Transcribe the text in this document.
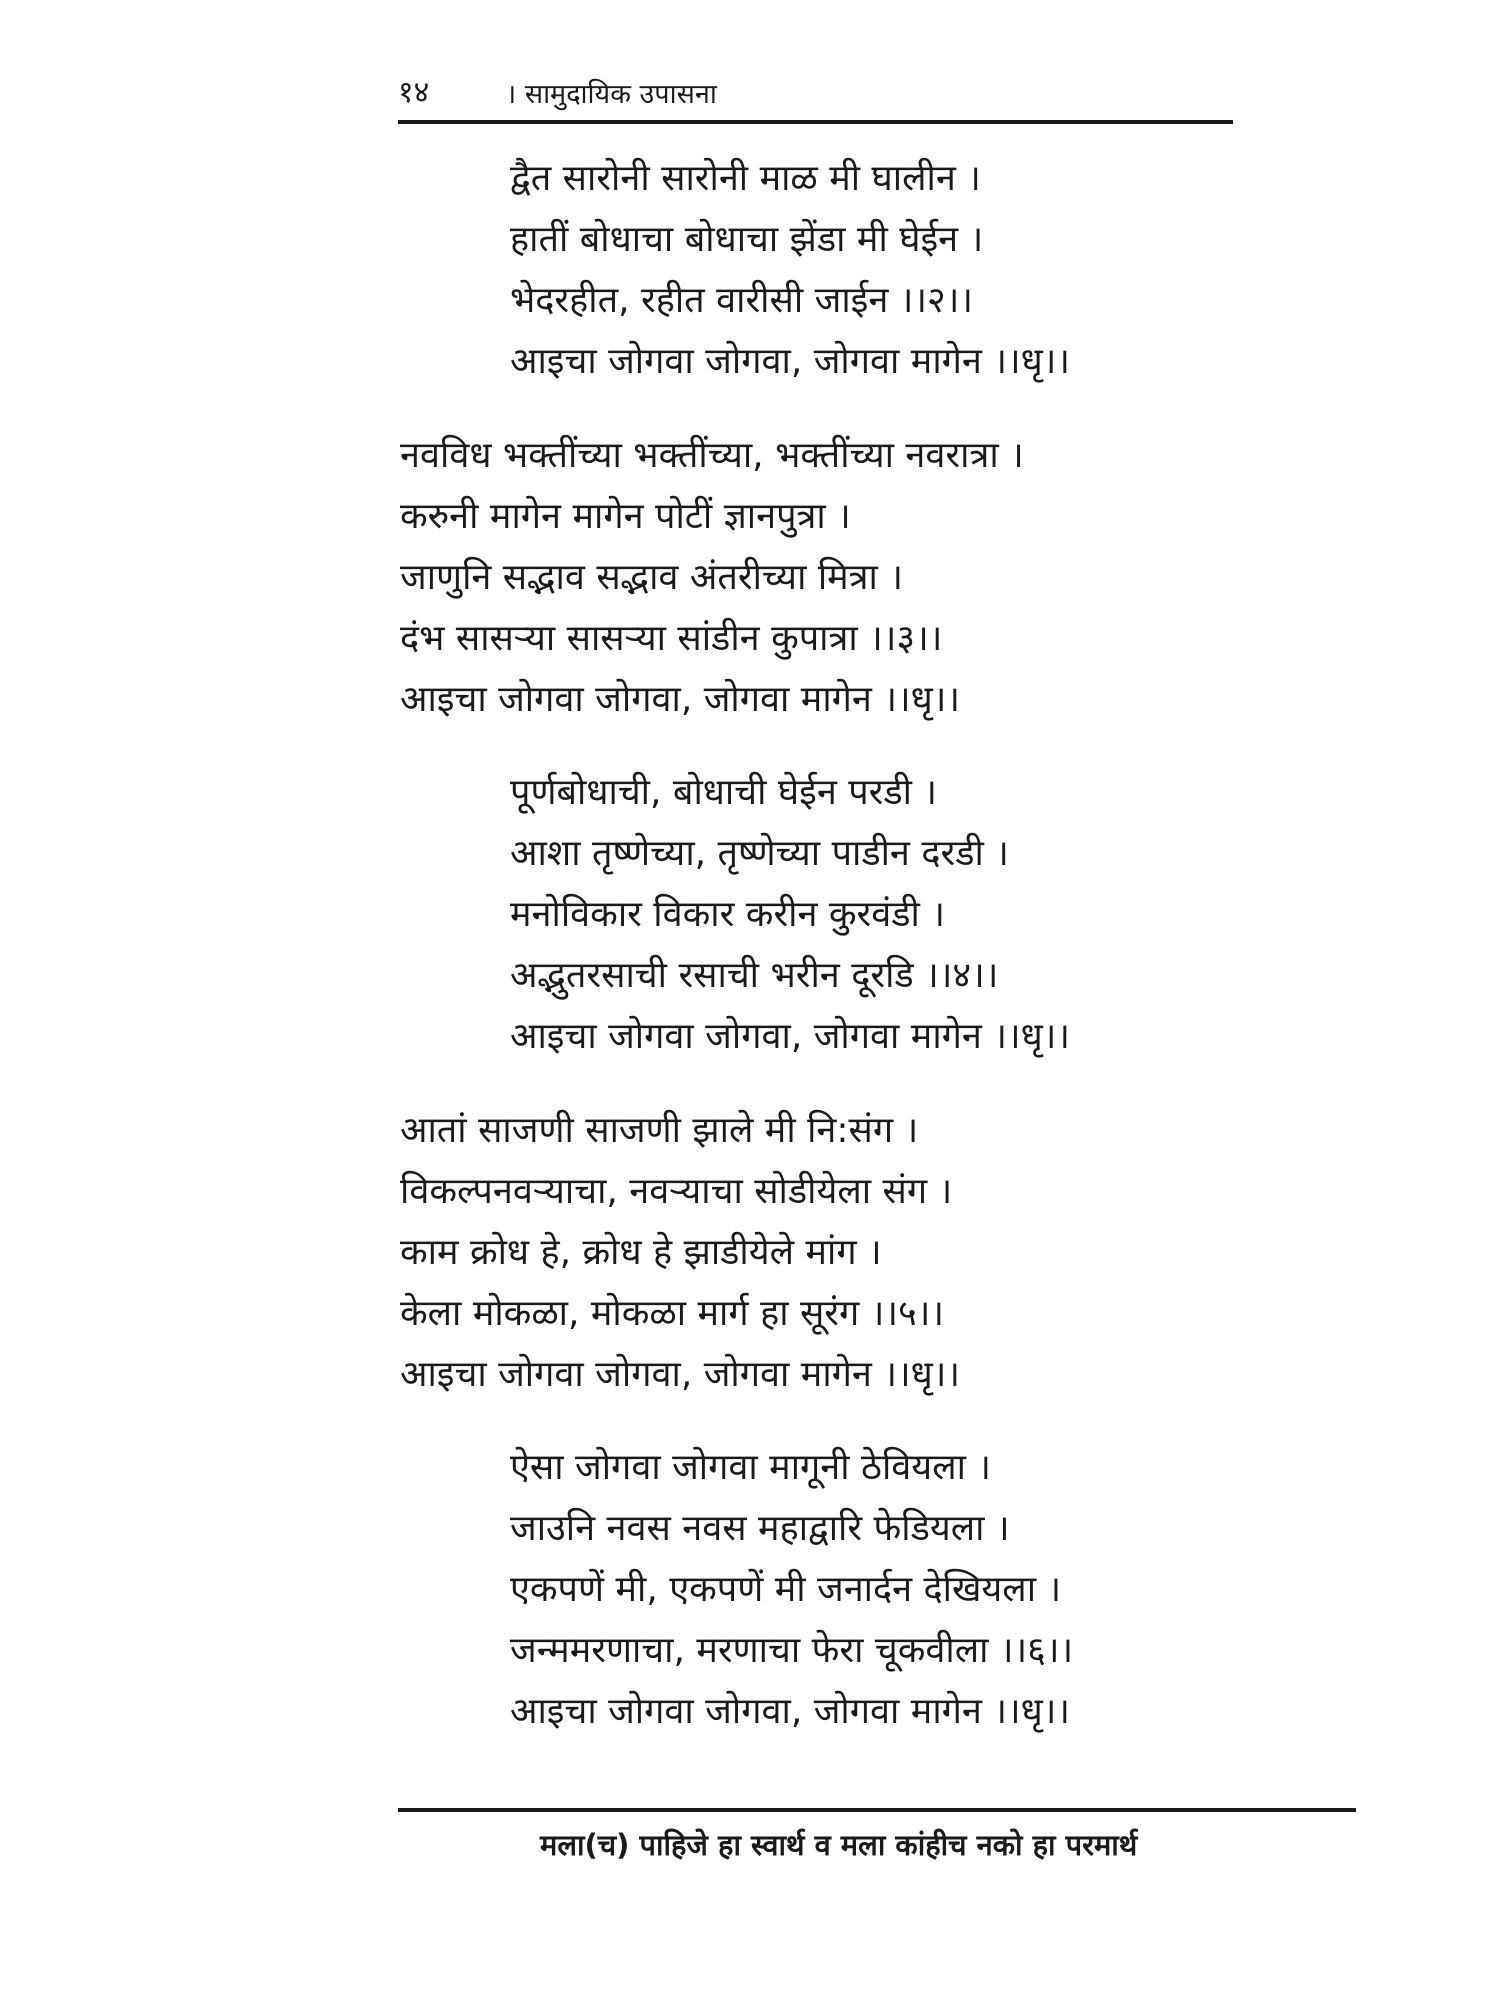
१४	। सामुदायिक उपासना
द्वैत सारोनी सारोनी माळ मी घालीन ।
हातीं बोधाचा बोधाचा झेंडा मी घेईन ।
भेदरहीत, रहीत वारीसी जाईन ।।२।।
आइचा जोगवा जोगवा, जोगवा मागेन ।।धृ।।
नवविध भक्तींच्या भक्तींच्या, भक्तींच्या नवरात्रा ।
करुनी मागेन मागेन पोटीं ज्ञानपुत्रा ।
जाणुनि सद्भाव सद्भाव अंतरीच्या मित्रा ।
दंभ सासऱ्या सासऱ्या सांडीन कुपात्रा ।।३।।
आइचा जोगवा जोगवा, जोगवा मागेन ।।धृ।।
पूर्णबोधाची, बोधाची घेईन परडी ।
आशा तृष्णेच्या, तृष्णेच्या पाडीन दरडी ।
मनोविकार विकार करीन कुरवंडी ।
अद्भुतरसाची रसाची भरीन दूरडि ।।४।।
आइचा जोगवा जोगवा, जोगवा मागेन ।।धृ।।
आतां साजणी साजणी झाले मी नि:संग ।
विकल्पनवऱ्याचा, नवऱ्याचा सोडीयेला संग ।
काम क्रोध हे, क्रोध हे झाडीयेले मांग ।
केला मोकळा, मोकळा मार्ग हा सूरंग ।।५।।
आइचा जोगवा जोगवा, जोगवा मागेन ।।धृ।।
ऐसा जोगवा जोगवा मागूनी ठेवियला ।
जाउनि नवस नवस महाद्वारि फेडियला ।
एकपणें मी, एकपणें मी जनार्दन देखियला ।
जन्ममरणाचा, मरणाचा फेरा चूकवीला ।।६।।
आइचा जोगवा जोगवा, जोगवा मागेन ।।धृ।।
मला(च) पाहिजे हा स्वार्थ व मला कांहीच नको हा परमार्थ
